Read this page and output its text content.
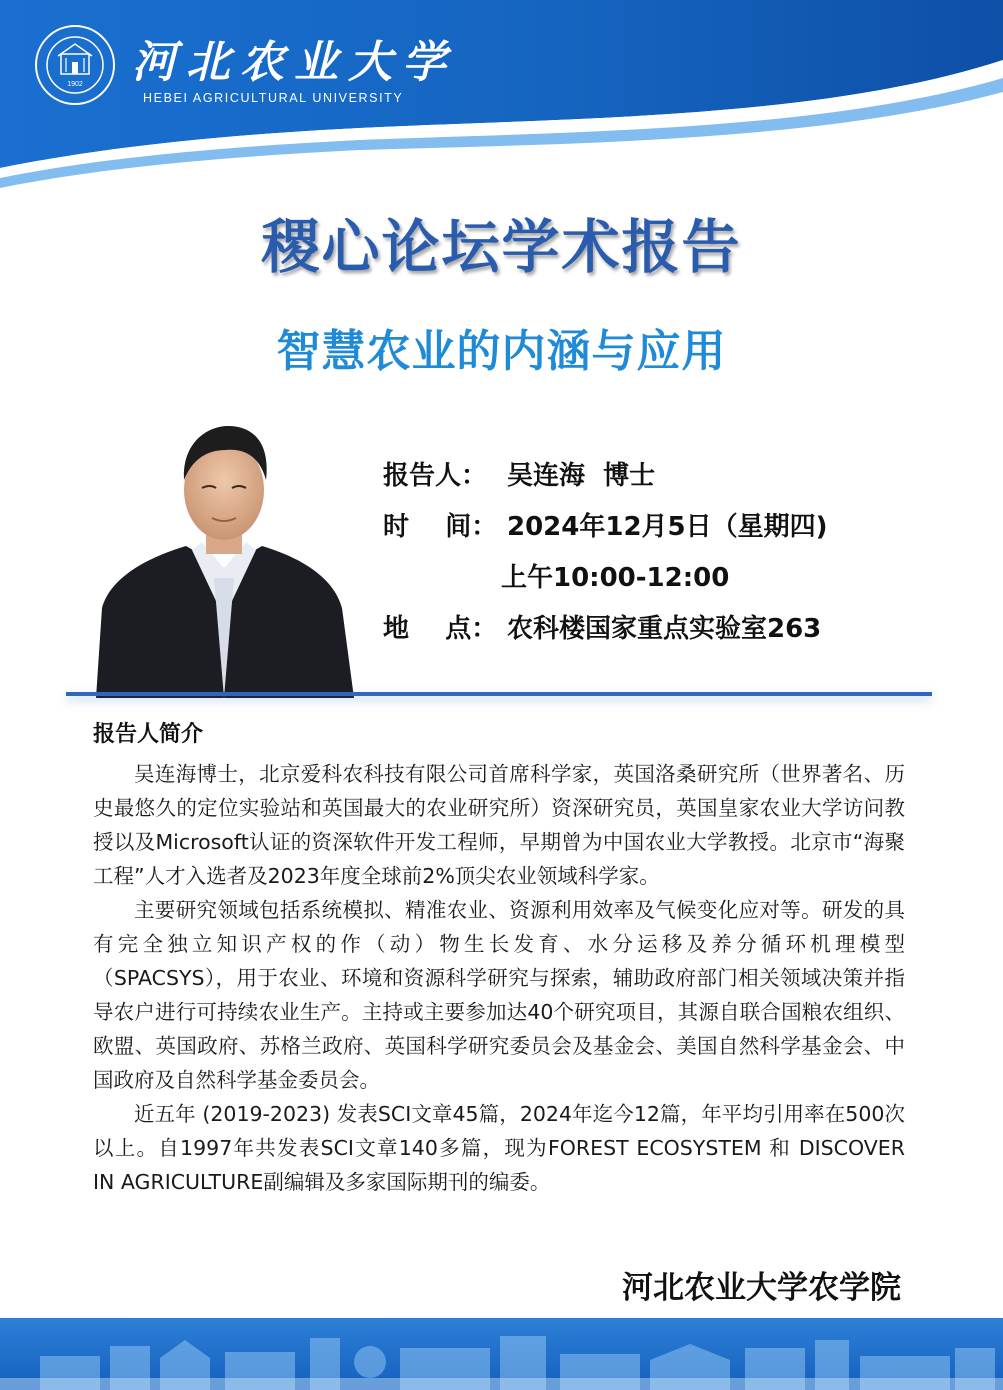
1902 河北农业大学
HEBEI AGRICULTURAL UNIVERSITY
稷心论坛学术报告
智慧农业的内涵与应用
报告人： 吴连海  博士
时    间： 2024年12月5日（星期四)
上午10:00-12:00
地    点： 农科楼国家重点实验室263
报告人简介

吴连海博士，北京爱科农科技有限公司首席科学家，英国洛桑研究所（世界著名、历史最悠久的定位实验站和英国最大的农业研究所）资深研究员，英国皇家农业大学访问教授以及Microsoft认证的资深软件开发工程师，早期曾为中国农业大学教授。北京市“海聚工程”人才入选者及2023年度全球前2%顶尖农业领域科学家。

主要研究领域包括系统模拟、精准农业、资源利用效率及气候变化应对等。研发的具有完全独立知识产权的作（动）物生长发育、水分运移及养分循环机理模型（SPACSYS），用于农业、环境和资源科学研究与探索，辅助政府部门相关领域决策并指导农户进行可持续农业生产。主持或主要参加达40个研究项目，其源自联合国粮农组织、欧盟、英国政府、苏格兰政府、英国科学研究委员会及基金会、美国自然科学基金会、中国政府及自然科学基金委员会。

近五年 (2019-2023) 发表SCI文章45篇，2024年迄今12篇，年平均引用率在500次以上。自1997年共发表SCI文章140多篇，现为FOREST ECOSYSTEM 和 DISCOVER IN AGRICULTURE副编辑及多家国际期刊的编委。

河北农业大学农学院
